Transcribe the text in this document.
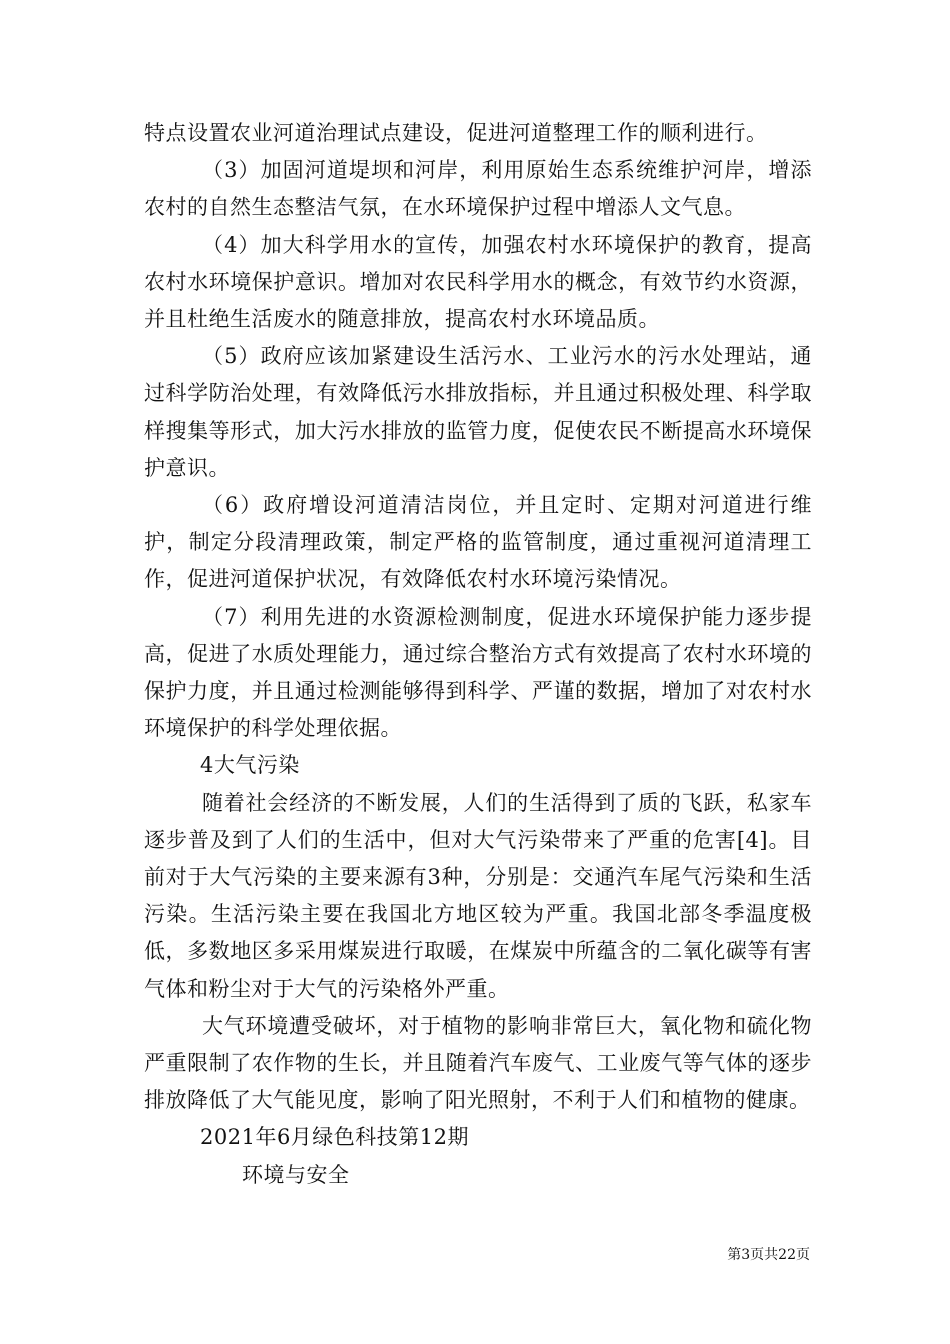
特点设置农业河道治理试点建设，促进河道整理工作的顺利进行。

（3）加固河道堤坝和河岸，利用原始生态系统维护河岸，增添农村的自然生态整洁气氛，在水环境保护过程中增添人文气息。

（4）加大科学用水的宣传，加强农村水环境保护的教育，提高农村水环境保护意识。增加对农民科学用水的概念，有效节约水资源，并且杜绝生活废水的随意排放，提高农村水环境品质。

（5）政府应该加紧建设生活污水、工业污水的污水处理站，通过科学防治处理，有效降低污水排放指标，并且通过积极处理、科学取样搜集等形式，加大污水排放的监管力度，促使农民不断提高水环境保护意识。

（6）政府增设河道清洁岗位，并且定时、定期对河道进行维护，制定分段清理政策，制定严格的监管制度，通过重视河道清理工作，促进河道保护状况，有效降低农村水环境污染情况。

（7）利用先进的水资源检测制度，促进水环境保护能力逐步提高，促进了水质处理能力，通过综合整治方式有效提高了农村水环境的保护力度，并且通过检测能够得到科学、严谨的数据，增加了对农村水环境保护的科学处理依据。

4大气污染

随着社会经济的不断发展，人们的生活得到了质的飞跃，私家车逐步普及到了人们的生活中，但对大气污染带来了严重的危害[4]。目前对于大气污染的主要来源有3种，分别是：交通汽车尾气污染和生活污染。生活污染主要在我国北方地区较为严重。我国北部冬季温度极低，多数地区多采用煤炭进行取暖，在煤炭中所蕴含的二氧化碳等有害气体和粉尘对于大气的污染格外严重。

大气环境遭受破坏，对于植物的影响非常巨大，氧化物和硫化物严重限制了农作物的生长，并且随着汽车废气、工业废气等气体的逐步排放降低了大气能见度，影响了阳光照射，不利于人们和植物的健康。

2021年6月绿色科技第12期

环境与安全

第3页共22页
